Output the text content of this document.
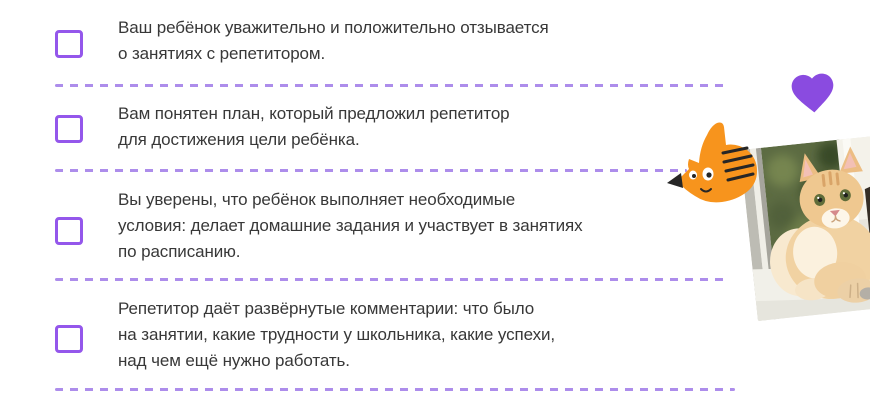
Ваш ребёнок уважительно и положительно отзывается
о занятиях с репетитором.
Вам понятен план, который предложил репетитор
для достижения цели ребёнка.
Вы уверены, что ребёнок выполняет необходимые
условия: делает домашние задания и участвует в занятиях
по расписанию.
Репетитор даёт развёрнутые комментарии: что было
на занятии, какие трудности у школьника, какие успехи,
над чем ещё нужно работать.
